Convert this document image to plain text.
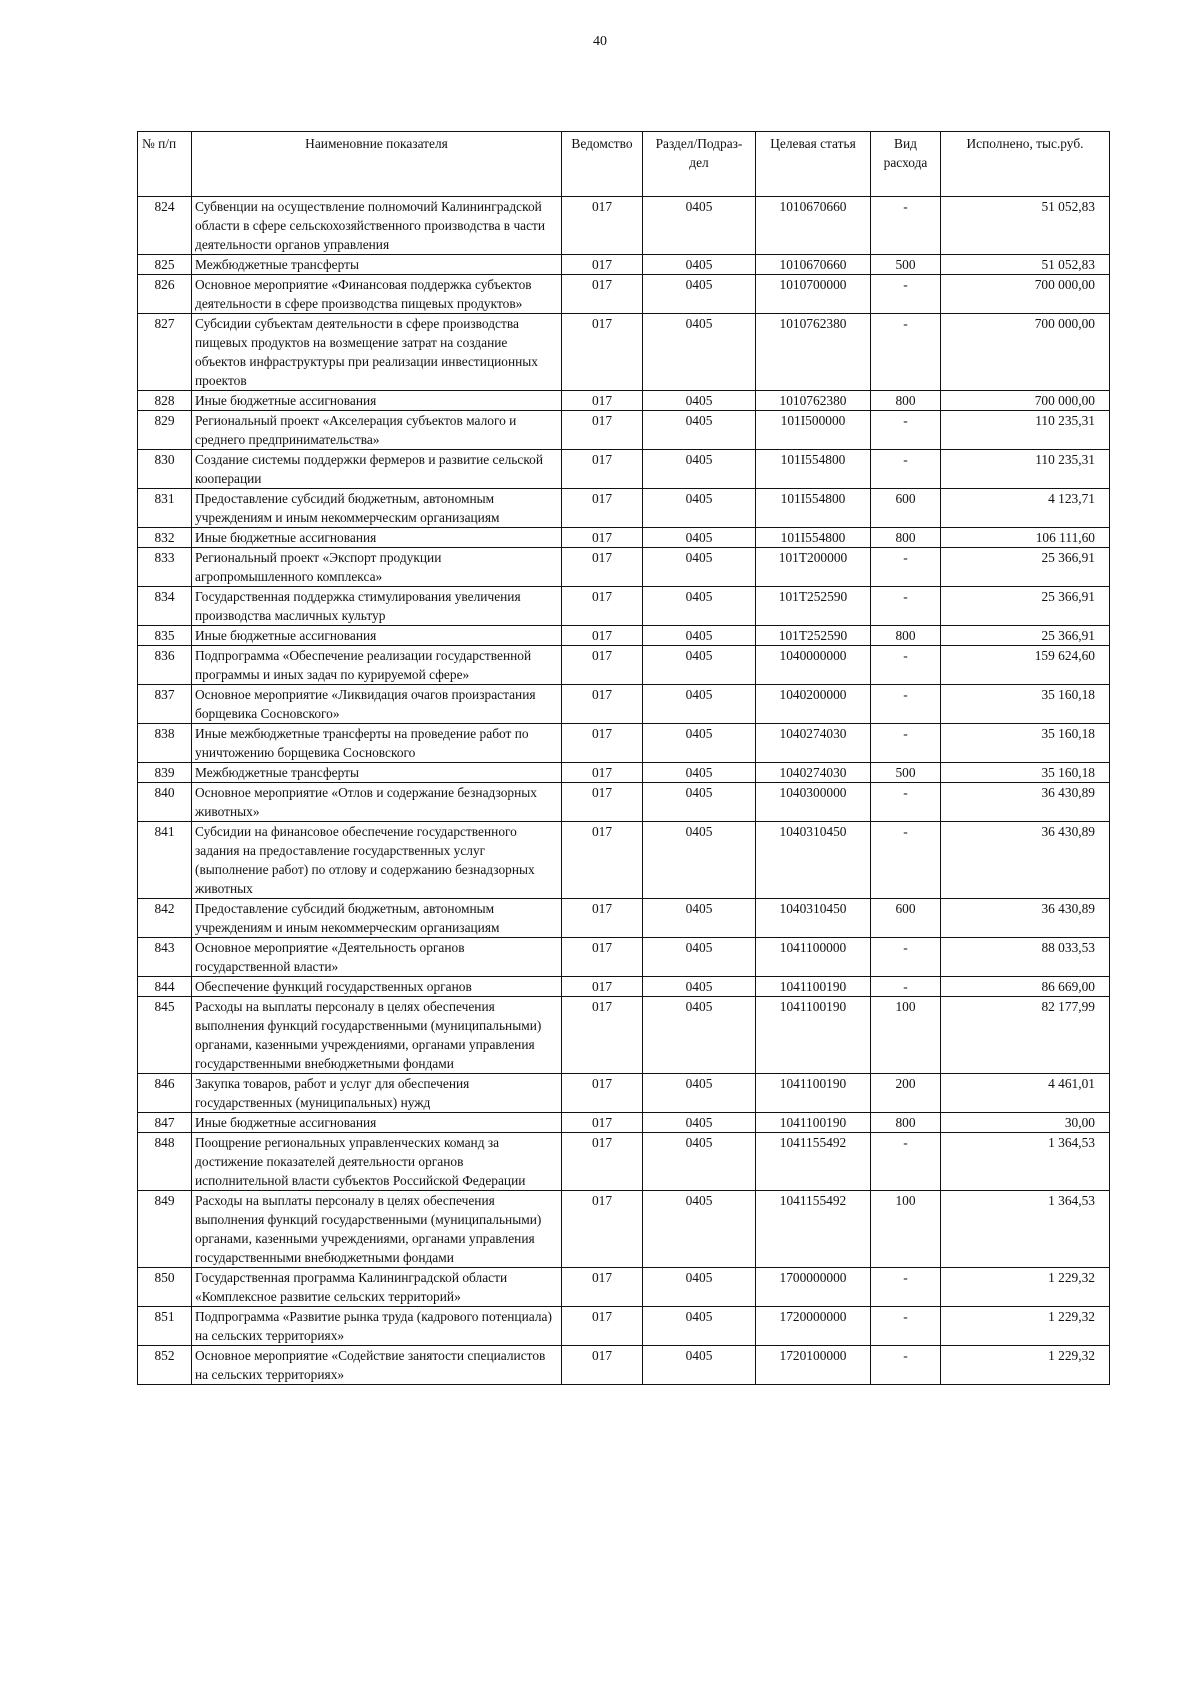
40
№ п/п	Наименовние показателя	Ведомство	Раздел/Подраз-дел	Целевая статья	Вид расхода	Исполнено, тыс.руб.
824	Субвенции на осуществление полномочий Калининградской области в сфере сельскохозяйственного производства в части деятельности органов управления	017	0405	1010670660	-	51 052,83
825	Межбюджетные трансферты	017	0405	1010670660	500	51 052,83
826	Основное мероприятие «Финансовая поддержка субъектов деятельности в сфере производства пищевых продуктов»	017	0405	1010700000	-	700 000,00
827	Субсидии субъектам деятельности в сфере производства пищевых продуктов на возмещение затрат на создание объектов инфраструктуры при реализации инвестиционных проектов	017	0405	1010762380	-	700 000,00
828	Иные бюджетные ассигнования	017	0405	1010762380	800	700 000,00
829	Региональный проект «Акселерация субъектов малого и среднего предпринимательства»	017	0405	101I500000	-	110 235,31
830	Создание системы поддержки фермеров и развитие сельской кооперации	017	0405	101I554800	-	110 235,31
831	Предоставление субсидий бюджетным, автономным учреждениям и иным некоммерческим организациям	017	0405	101I554800	600	4 123,71
832	Иные бюджетные ассигнования	017	0405	101I554800	800	106 111,60
833	Региональный проект «Экспорт продукции агропромышленного комплекса»	017	0405	101T200000	-	25 366,91
834	Государственная поддержка стимулирования увеличения производства масличных культур	017	0405	101T252590	-	25 366,91
835	Иные бюджетные ассигнования	017	0405	101T252590	800	25 366,91
836	Подпрограмма «Обеспечение реализации государственной программы и иных задач по курируемой сфере»	017	0405	1040000000	-	159 624,60
837	Основное мероприятие «Ликвидация очагов произрастания борщевика Сосновского»	017	0405	1040200000	-	35 160,18
838	Иные межбюджетные трансферты на проведение работ по уничтожению борщевика Сосновского	017	0405	1040274030	-	35 160,18
839	Межбюджетные трансферты	017	0405	1040274030	500	35 160,18
840	Основное мероприятие «Отлов и содержание безнадзорных животных»	017	0405	1040300000	-	36 430,89
841	Субсидии на финансовое обеспечение государственного задания на предоставление государственных услуг (выполнение работ) по отлову и содержанию безнадзорных животных	017	0405	1040310450	-	36 430,89
842	Предоставление субсидий бюджетным, автономным учреждениям и иным некоммерческим организациям	017	0405	1040310450	600	36 430,89
843	Основное мероприятие «Деятельность органов государственной власти»	017	0405	1041100000	-	88 033,53
844	Обеспечение функций государственных органов	017	0405	1041100190	-	86 669,00
845	Расходы на выплаты персоналу в целях обеспечения выполнения функций государственными (муниципальными) органами, казенными учреждениями, органами управления государственными внебюджетными фондами	017	0405	1041100190	100	82 177,99
846	Закупка товаров, работ и услуг для обеспечения государственных (муниципальных) нужд	017	0405	1041100190	200	4 461,01
847	Иные бюджетные ассигнования	017	0405	1041100190	800	30,00
848	Поощрение региональных управленческих команд за достижение показателей деятельности органов исполнительной власти субъектов Российской Федерации	017	0405	1041155492	-	1 364,53
849	Расходы на выплаты персоналу в целях обеспечения выполнения функций государственными (муниципальными) органами, казенными учреждениями, органами управления государственными внебюджетными фондами	017	0405	1041155492	100	1 364,53
850	Государственная программа Калининградской области «Комплексное развитие сельских территорий»	017	0405	1700000000	-	1 229,32
851	Подпрограмма «Развитие рынка труда (кадрового потенциала) на сельских территориях»	017	0405	1720000000	-	1 229,32
852	Основное мероприятие «Содействие занятости специалистов на сельских территориях»	017	0405	1720100000	-	1 229,32
